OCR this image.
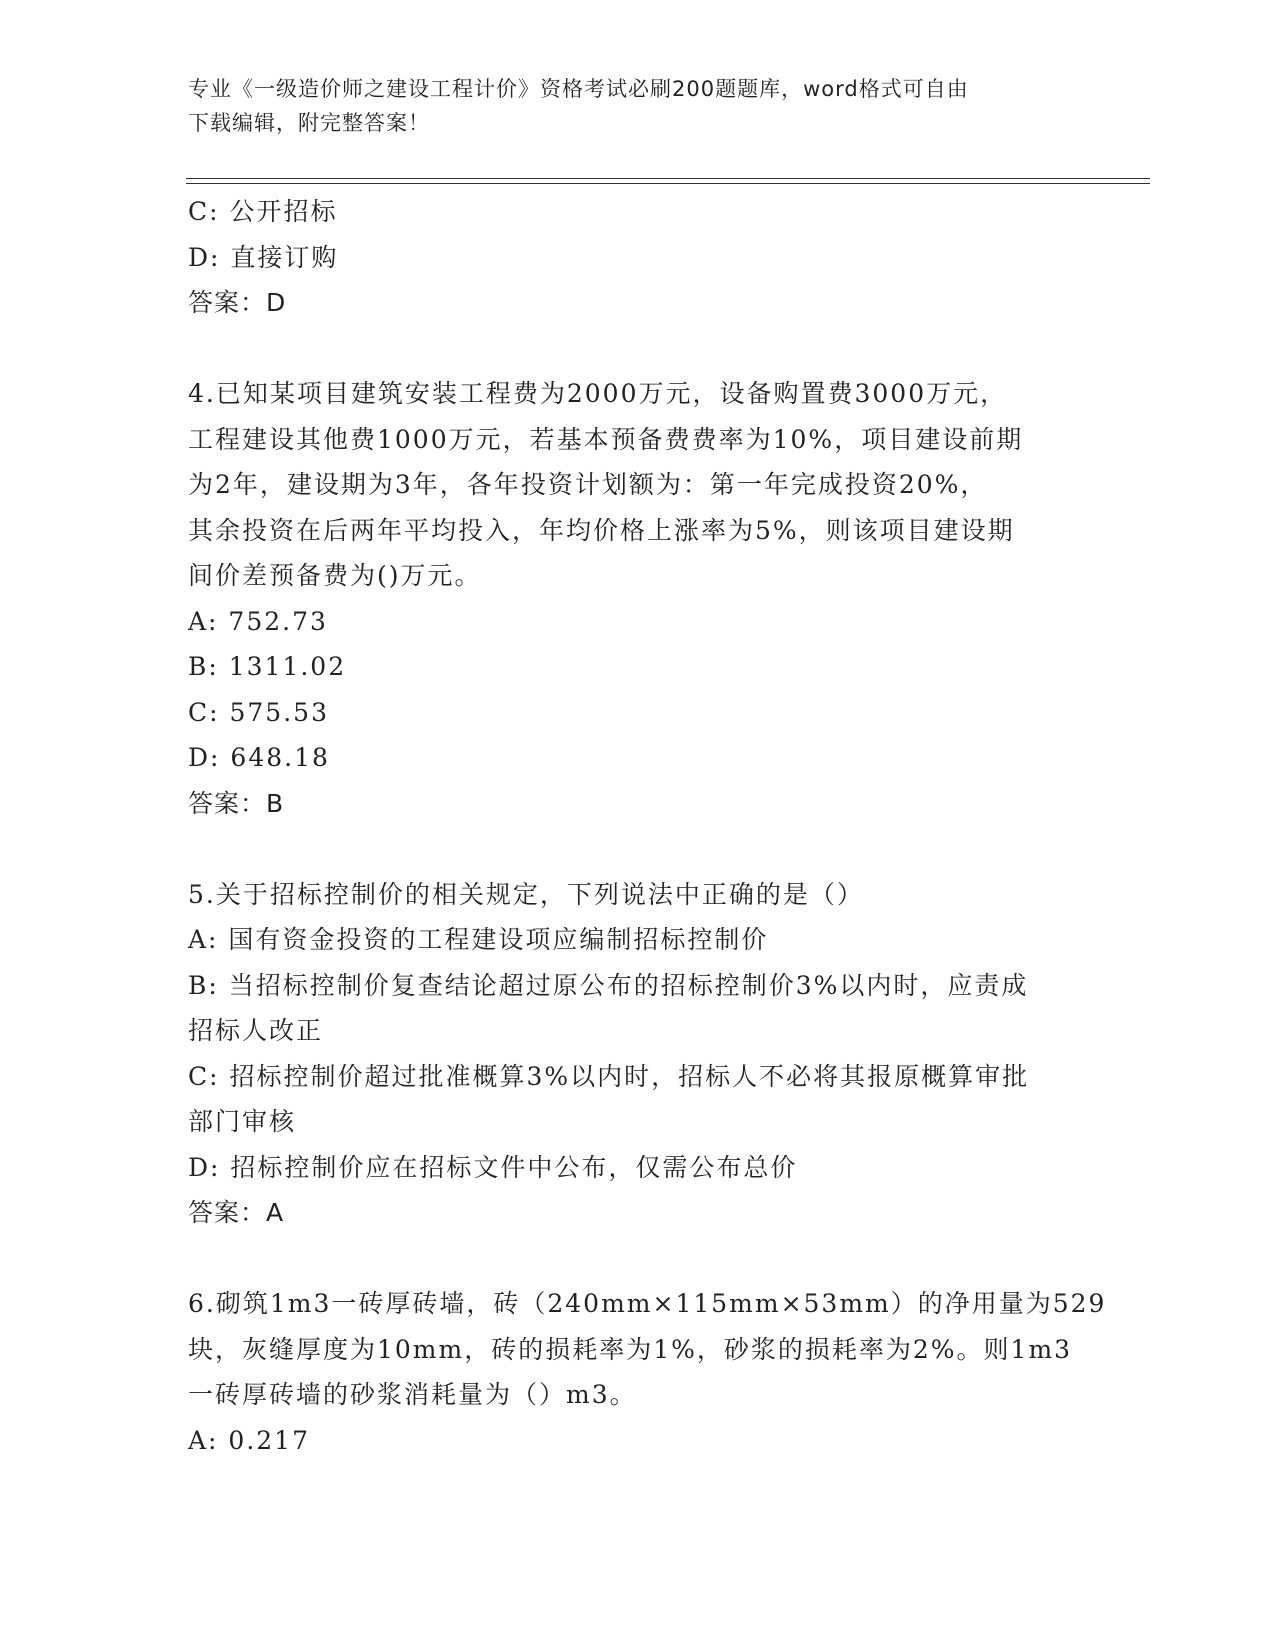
专业《一级造价师之建设工程计价》资格考试必刷200题题库，word格式可自由
下载编辑，附完整答案！
C: 公开招标
D: 直接订购
答案：D
4.已知某项目建筑安装工程费为2000万元，设备购置费3000万元，
工程建设其他费1000万元，若基本预备费费率为10%，项目建设前期
为2年，建设期为3年，各年投资计划额为：第一年完成投资20%，
其余投资在后两年平均投入，年均价格上涨率为5%，则该项目建设期
间价差预备费为()万元。
A: 752.73
B: 1311.02
C: 575.53
D: 648.18
答案：B
5.关于招标控制价的相关规定，下列说法中正确的是（）
A: 国有资金投资的工程建设项应编制招标控制价
B: 当招标控制价复查结论超过原公布的招标控制价3%以内时，应责成
招标人改正
C: 招标控制价超过批准概算3%以内时，招标人不必将其报原概算审批
部门审核
D: 招标控制价应在招标文件中公布，仅需公布总价
答案：A
6.砌筑1m3一砖厚砖墙，砖（240mm×115mm×53mm）的净用量为529
块，灰缝厚度为10mm，砖的损耗率为1%，砂浆的损耗率为2%。则1m3
一砖厚砖墙的砂浆消耗量为（）m3。
A: 0.217
